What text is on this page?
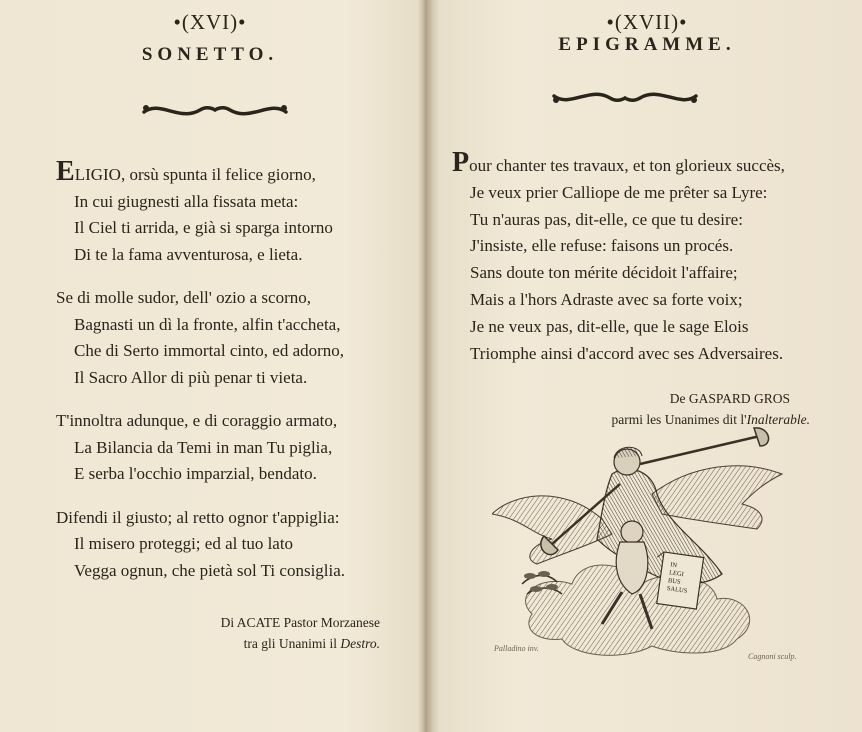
•(XVI)•
SONETTO.
ELIGIO, orsù spunta il felice giorno,
In cui giugnesti alla fissata meta:
Il Ciel ti arrida, e già si sparga intorno
Di te la fama avventurosa, e lieta.
Se di molle sudor, dell' ozio a scorno,
Bagnasti un dì la fronte, alfin t'accheta,
Che di Serto immortal cinto, ed adorno,
Il Sacro Allor di più penar ti vieta.
T'innoltra adunque, e di coraggio armato,
La Bilancia da Temi in man Tu piglia,
E serba l'occhio imparzial, bendato.
Difendi il giusto; al retto ognor t'appiglia:
Il misero proteggi; ed al tuo lato
Vegga ognun, che pietà sol Ti consiglia.
Di ACATE Pastor Morzanese
tra gli Unanimi il Destro.
•(XVII)•
EPIGRAMME.
Pour chanter tes travaux, et ton glorieux succès,
Je veux prier Calliope de me prêter sa Lyre:
Tu n'auras pas, dit-elle, ce que tu desire:
J'insiste, elle refuse: faisons un procés.
Sans doute ton mérite décidoit l'affaire;
Mais a l'hors Adraste avec sa forte voix;
Je ne veux pas, dit-elle, que le sage Elois
Triomphe ainsi d'accord avec ses Adversaires.
De GASPARD GROS
parmi les Unanimes dit l'Inalterable.
IN LEGI BUS SALUS
Palladino inv.
Cagnoni sculp.
